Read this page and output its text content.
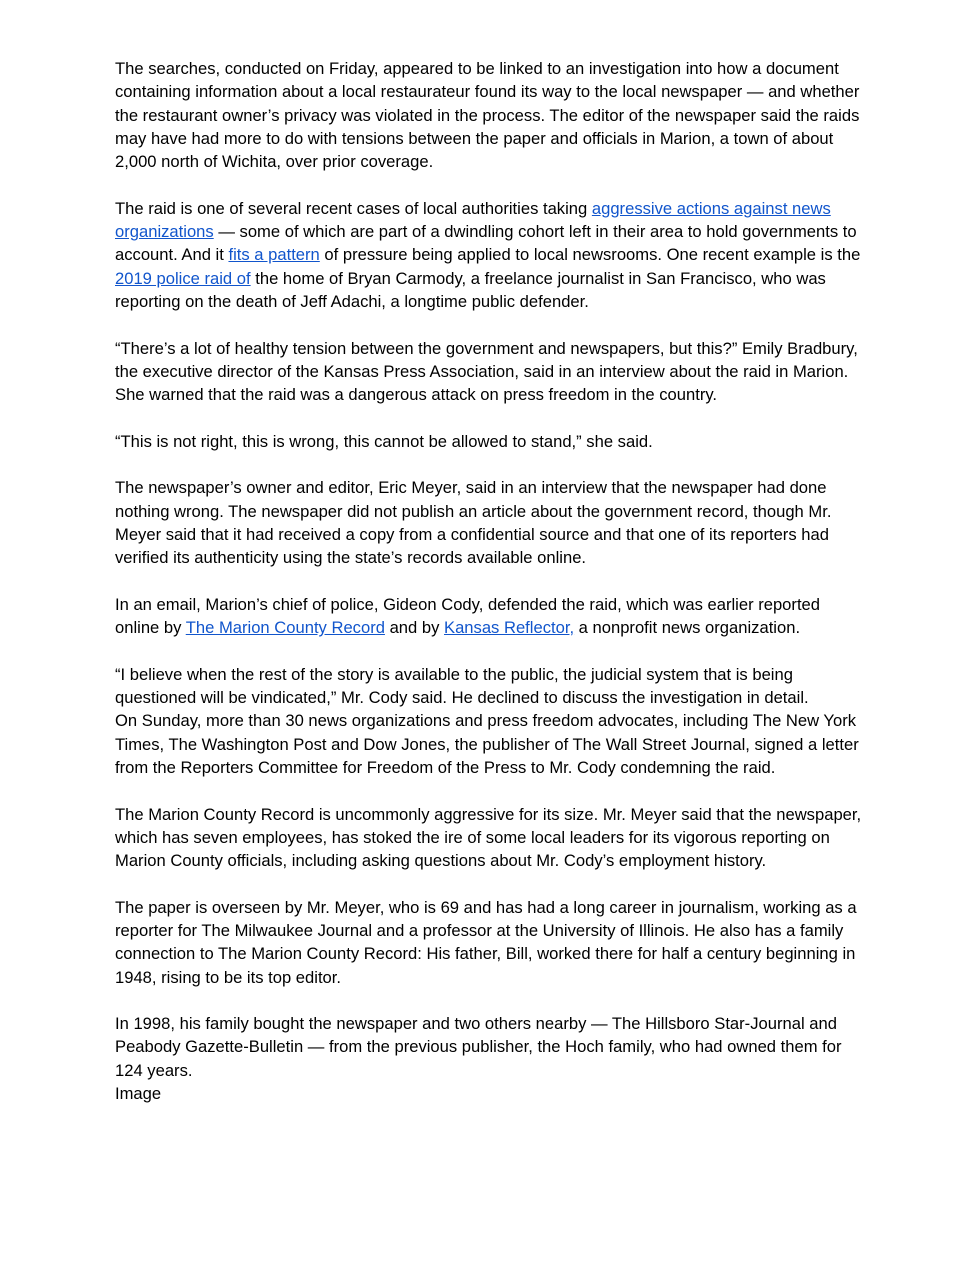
The searches, conducted on Friday, appeared to be linked to an investigation into how a document containing information about a local restaurateur found its way to the local newspaper — and whether the restaurant owner’s privacy was violated in the process. The editor of the newspaper said the raids may have had more to do with tensions between the paper and officials in Marion, a town of about 2,000 north of Wichita, over prior coverage.

The raid is one of several recent cases of local authorities taking aggressive actions against news organizations — some of which are part of a dwindling cohort left in their area to hold governments to account. And it fits a pattern of pressure being applied to local newsrooms. One recent example is the 2019 police raid of the home of Bryan Carmody, a freelance journalist in San Francisco, who was reporting on the death of Jeff Adachi, a longtime public defender.

“There’s a lot of healthy tension between the government and newspapers, but this?” Emily Bradbury, the executive director of the Kansas Press Association, said in an interview about the raid in Marion. She warned that the raid was a dangerous attack on press freedom in the country.

“This is not right, this is wrong, this cannot be allowed to stand,” she said.

The newspaper’s owner and editor, Eric Meyer, said in an interview that the newspaper had done nothing wrong. The newspaper did not publish an article about the government record, though Mr. Meyer said that it had received a copy from a confidential source and that one of its reporters had verified its authenticity using the state’s records available online.

In an email, Marion’s chief of police, Gideon Cody, defended the raid, which was earlier reported online by The Marion County Record and by Kansas Reflector, a nonprofit news organization.

“I believe when the rest of the story is available to the public, the judicial system that is being questioned will be vindicated,” Mr. Cody said. He declined to discuss the investigation in detail.

On Sunday, more than 30 news organizations and press freedom advocates, including The New York Times, The Washington Post and Dow Jones, the publisher of The Wall Street Journal, signed a letter from the Reporters Committee for Freedom of the Press to Mr. Cody condemning the raid.

The Marion County Record is uncommonly aggressive for its size. Mr. Meyer said that the newspaper, which has seven employees, has stoked the ire of some local leaders for its vigorous reporting on Marion County officials, including asking questions about Mr. Cody’s employment history.

The paper is overseen by Mr. Meyer, who is 69 and has had a long career in journalism, working as a reporter for The Milwaukee Journal and a professor at the University of Illinois. He also has a family connection to The Marion County Record: His father, Bill, worked there for half a century beginning in 1948, rising to be its top editor.

In 1998, his family bought the newspaper and two others nearby — The Hillsboro Star-Journal and Peabody Gazette-Bulletin — from the previous publisher, the Hoch family, who had owned them for 124 years.

Image
